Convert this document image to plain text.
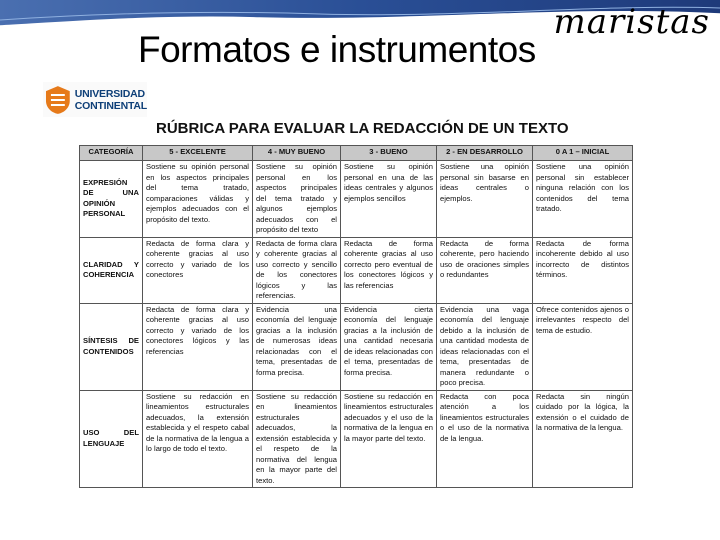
maristas
Formatos e instrumentos
UNIVERSIDAD
CONTINENTAL
RÚBRICA PARA EVALUAR LA REDACCIÓN DE UN TEXTO
CATEGORÍA	5 - EXCELENTE	4 - MUY BUENO	3 - BUENO	2 - EN DESARROLLO	0 A 1 – INICIAL
EXPRESIÓN DE UNA OPINIÓN PERSONAL	Sostiene su opinión personal en los aspectos principales del tema tratado, comparaciones válidas y ejemplos adecuados con el propósito del texto.	Sostiene su opinión personal en los aspectos principales del tema tratado y algunos ejemplos adecuados con el propósito del texto	Sostiene su opinión personal en una de las ideas centrales y algunos ejemplos sencillos	Sostiene una opinión personal sin basarse en ideas centrales o ejemplos.	Sostiene una opinión personal sin establecer ninguna relación con los contenidos del tema tratado.
CLARIDAD Y COHERENCIA	Redacta de forma clara y coherente gracias al uso correcto y variado de los conectores	Redacta de forma clara y coherente gracias al uso correcto y sencillo de los conectores lógicos y las referencias.	Redacta de forma coherente gracias al uso correcto pero eventual de los conectores lógicos y las referencias	Redacta de forma coherente, pero haciendo uso de oraciones simples o redundantes	Redacta de forma incoherente debido al uso incorrecto de distintos términos.
SÍNTESIS DE CONTENIDOS	Redacta de forma clara y coherente gracias al uso correcto y variado de los conectores lógicos y las referencias	Evidencia una economía del lenguaje gracias a la inclusión de numerosas ideas relacionadas con el tema, presentadas de forma precisa.	Evidencia cierta economía del lenguaje gracias a la inclusión de una cantidad necesaria de ideas relacionadas con el tema, presentadas de forma precisa.	Evidencia una vaga economía del lenguaje debido a la inclusión de una cantidad modesta de ideas relacionadas con el tema, presentadas de manera redundante o poco precisa.	Ofrece contenidos ajenos o irrelevantes respecto del tema de estudio.
USO DEL LENGUAJE	Sostiene su redacción en lineamientos estructurales adecuados, la extensión establecida y el respeto cabal de la normativa de la lengua a lo largo de todo el texto.	Sostiene su redacción en lineamientos estructurales adecuados, la extensión establecida y el respeto de la normativa del lengua en la mayor parte del texto.	Sostiene su redacción en lineamientos estructurales adecuados y el uso de la normativa de la lengua en la mayor parte del texto.	Redacta con poca atención a los lineamientos estructurales o el uso de la normativa de la lengua.	Redacta sin ningún cuidado por la lógica, la extensión o el cuidado de la normativa de la lengua.
